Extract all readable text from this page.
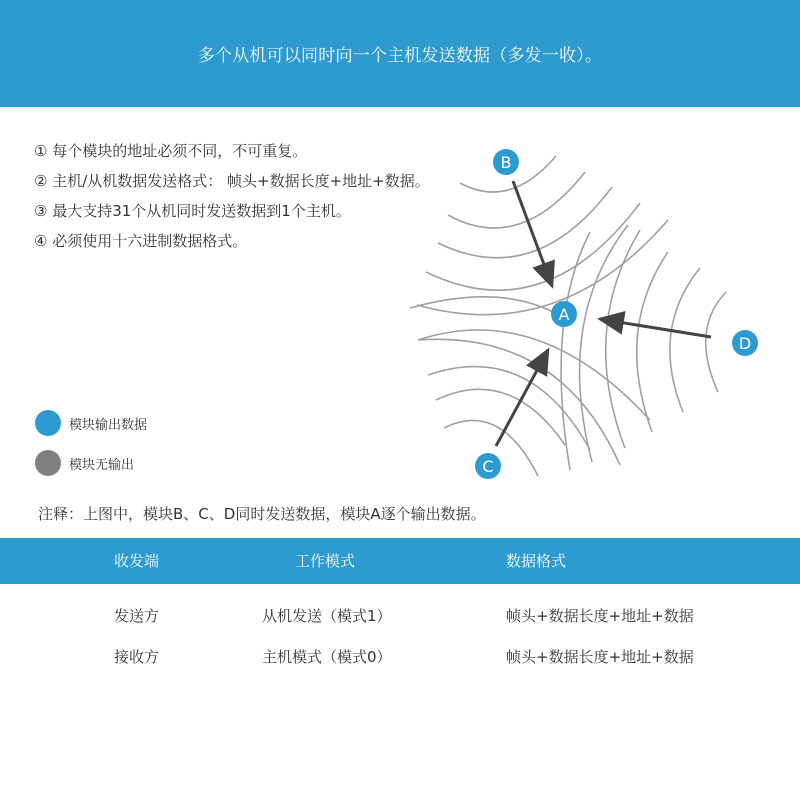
多个从机可以同时向一个主机发送数据（多发一收）。
① 每个模块的地址必须不同，不可重复。
② 主机/从机数据发送格式： 帧头+数据长度+地址+数据。
③ 最大支持31个从机同时发送数据到1个主机。
④ 必须使用十六进制数据格式。
A
B
C
D
模块输出数据
模块无输出
注释：上图中，模块B、C、D同时发送数据，模块A逐个输出数据。
收发端	工作模式	数据格式
发送方	从机发送（模式1）	帧头+数据长度+地址+数据
接收方	主机模式（模式0）	帧头+数据长度+地址+数据
